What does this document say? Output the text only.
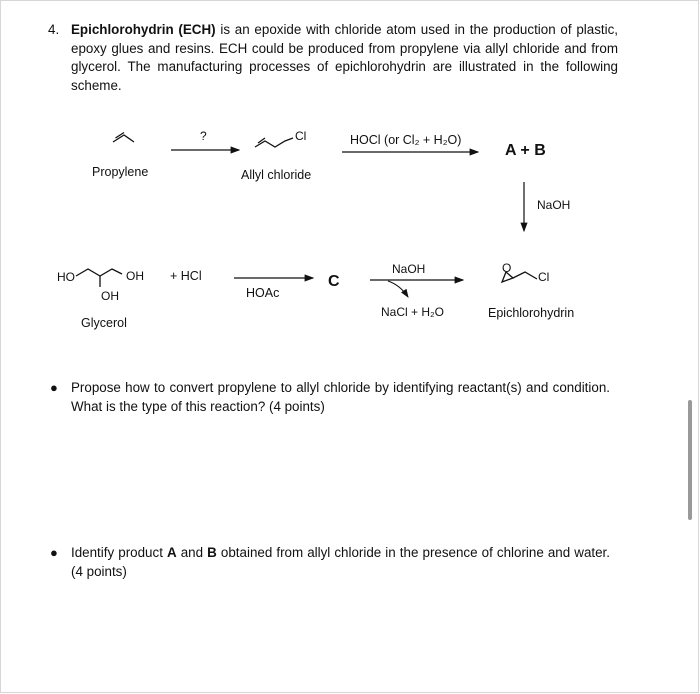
4. Epichlorohydrin (ECH) is an epoxide with chloride atom used in the production of plastic, epoxy glues and resins. ECH could be produced from propylene via allyl chloride and from glycerol. The manufacturing processes of epichlorohydrin are illustrated in the following scheme.
Propylene
?	Cl
Allyl chloride
HOCl (or Cl₂ + H₂O)
A + B
NaOH
HO	OH
OH
+ HCl
Glycerol
HOAc
C
NaOH
NaCl + H₂O
O
Cl
Epichlorohydrin
● Propose how to convert propylene to allyl chloride by identifying reactant(s) and condition. What is the type of this reaction? (4 points)
● Identify product A and B obtained from allyl chloride in the presence of chlorine and water. (4 points)
